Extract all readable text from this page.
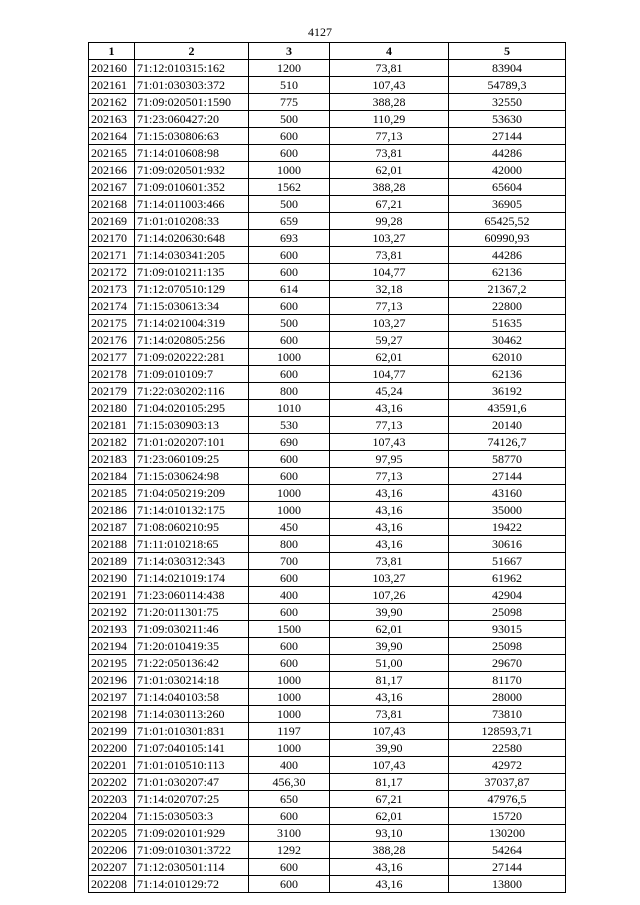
4127
1	2	3	4	5
202160	71:12:010315:162	1200	73,81	83904
202161	71:01:030303:372	510	107,43	54789,3
202162	71:09:020501:1590	775	388,28	32550
202163	71:23:060427:20	500	110,29	53630
202164	71:15:030806:63	600	77,13	27144
202165	71:14:010608:98	600	73,81	44286
202166	71:09:020501:932	1000	62,01	42000
202167	71:09:010601:352	1562	388,28	65604
202168	71:14:011003:466	500	67,21	36905
202169	71:01:010208:33	659	99,28	65425,52
202170	71:14:020630:648	693	103,27	60990,93
202171	71:14:030341:205	600	73,81	44286
202172	71:09:010211:135	600	104,77	62136
202173	71:12:070510:129	614	32,18	21367,2
202174	71:15:030613:34	600	77,13	22800
202175	71:14:021004:319	500	103,27	51635
202176	71:14:020805:256	600	59,27	30462
202177	71:09:020222:281	1000	62,01	62010
202178	71:09:010109:7	600	104,77	62136
202179	71:22:030202:116	800	45,24	36192
202180	71:04:020105:295	1010	43,16	43591,6
202181	71:15:030903:13	530	77,13	20140
202182	71:01:020207:101	690	107,43	74126,7
202183	71:23:060109:25	600	97,95	58770
202184	71:15:030624:98	600	77,13	27144
202185	71:04:050219:209	1000	43,16	43160
202186	71:14:010132:175	1000	43,16	35000
202187	71:08:060210:95	450	43,16	19422
202188	71:11:010218:65	800	43,16	30616
202189	71:14:030312:343	700	73,81	51667
202190	71:14:021019:174	600	103,27	61962
202191	71:23:060114:438	400	107,26	42904
202192	71:20:011301:75	600	39,90	25098
202193	71:09:030211:46	1500	62,01	93015
202194	71:20:010419:35	600	39,90	25098
202195	71:22:050136:42	600	51,00	29670
202196	71:01:030214:18	1000	81,17	81170
202197	71:14:040103:58	1000	43,16	28000
202198	71:14:030113:260	1000	73,81	73810
202199	71:01:010301:831	1197	107,43	128593,71
202200	71:07:040105:141	1000	39,90	22580
202201	71:01:010510:113	400	107,43	42972
202202	71:01:030207:47	456,30	81,17	37037,87
202203	71:14:020707:25	650	67,21	47976,5
202204	71:15:030503:3	600	62,01	15720
202205	71:09:020101:929	3100	93,10	130200
202206	71:09:010301:3722	1292	388,28	54264
202207	71:12:030501:114	600	43,16	27144
202208	71:14:010129:72	600	43,16	13800
